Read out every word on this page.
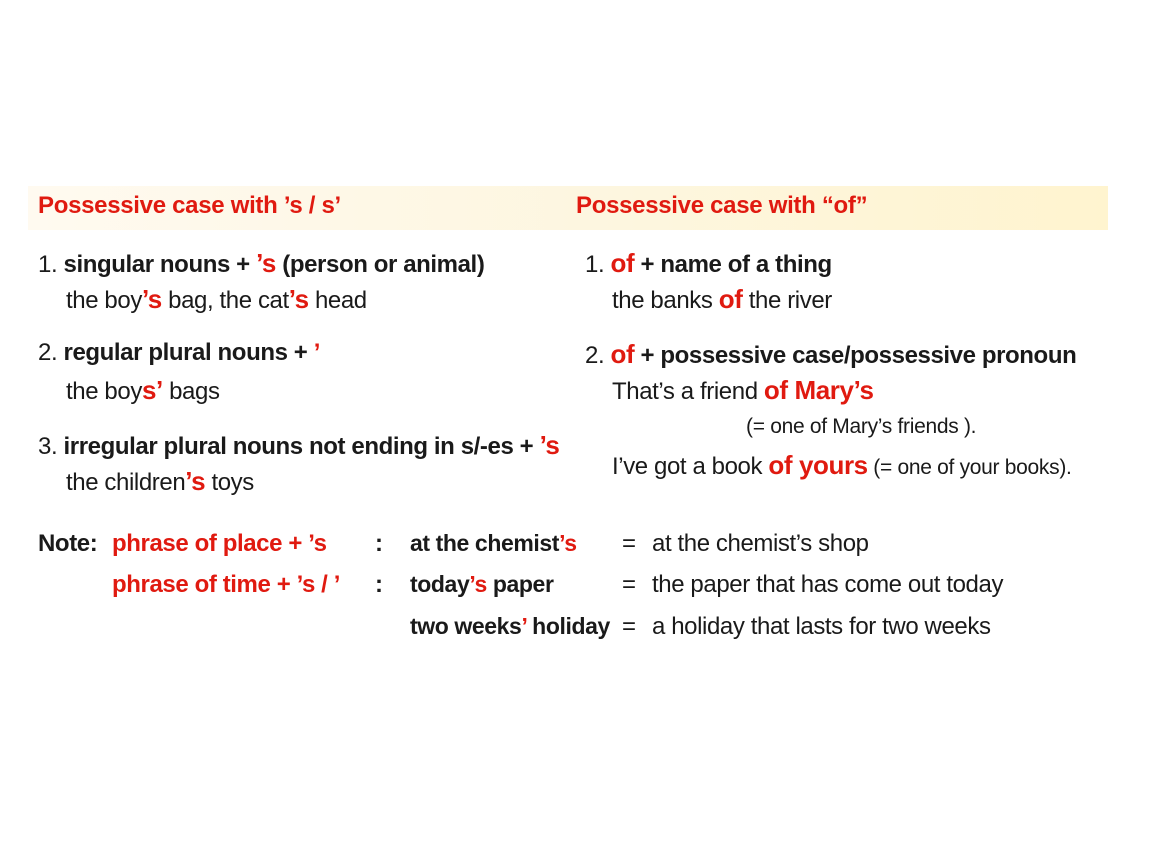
Possessive case with ’s / s’
1. singular nouns + ’s (person or animal)
the boy’s bag, the cat’s head
2. regular plural nouns + ’
the boys’ bags
3. irregular plural nouns not ending in s/-es + ’s
the children’s toys
Possessive case with “of”
1. of + name of a thing
the banks of the river
2. of + possessive case/possessive pronoun
That’s a friend of Mary’s
(= one of Mary’s friends ).
I’ve got a book of yours (= one of your books).
Note: phrase of place + ’s
phrase of time + ’s / ’
:
:
at the chemist’s
today’s paper
two weeks’ holiday
=
=
=
at the chemist’s shop
the paper that has come out today
a holiday that lasts for two weeks
